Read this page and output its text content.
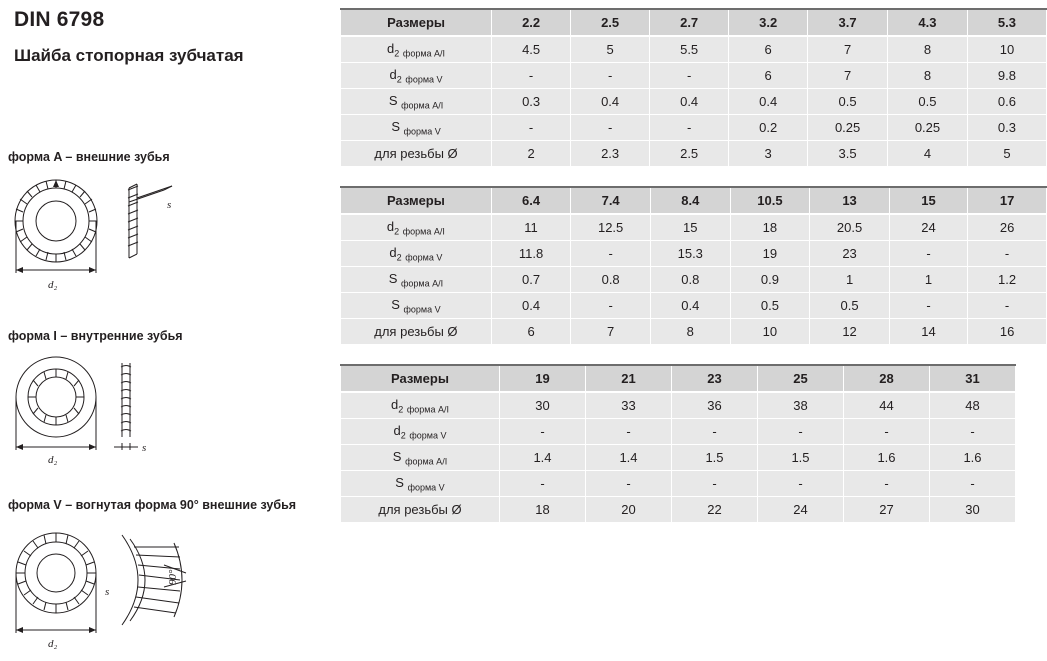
DIN 6798
Шайба стопорная зубчатая
форма A – внешние зубья
d₂
s
форма I – внутренние зубья
d₂
s
форма V – вогнутая форма 90° внешние зубья
d₂
s
90°
Размеры	2.2	2.5	2.7	3.2	3.7	4.3	5.3
$d_2$ $_{форма A/I}$	4.5	5	5.5	6	7	8	10
$d_2$ $_{форма V}$	-	-	-	6	7	8	9.8
S $_{форма A/I}$	0.3	0.4	0.4	0.4	0.5	0.5	0.6
S $_{форма V}$	-	-	-	0.2	0.25	0.25	0.3
для резьбы Ø	2	2.3	2.5	3	3.5	4	5
Размеры	6.4	7.4	8.4	10.5	13	15	17
$d_2$ $_{форма A/I}$	11	12.5	15	18	20.5	24	26
$d_2$ $_{форма V}$	11.8	-	15.3	19	23	-	-
S $_{форма A/I}$	0.7	0.8	0.8	0.9	1	1	1.2
S $_{форма V}$	0.4	-	0.4	0.5	0.5	-	-
для резьбы Ø	6	7	8	10	12	14	16
Размеры	19	21	23	25	28	31
$d_2$ $_{форма A/I}$	30	33	36	38	44	48
$d_2$ $_{форма V}$	-	-	-	-	-	-
S $_{форма A/I}$	1.4	1.4	1.5	1.5	1.6	1.6
S $_{форма V}$	-	-	-	-	-	-
для резьбы Ø	18	20	22	24	27	30
